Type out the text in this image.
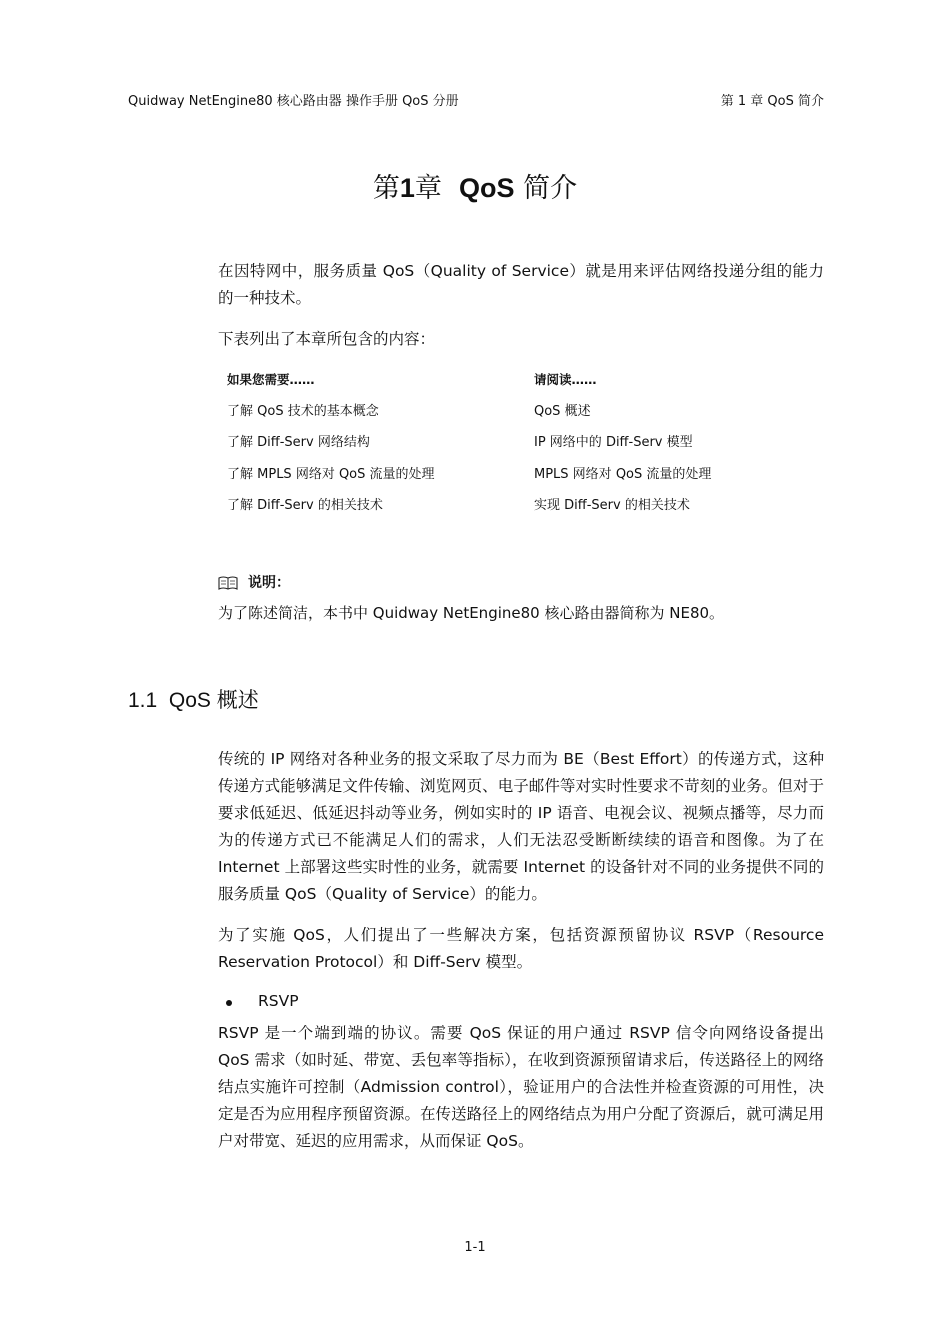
Quidway NetEngine80 核心路由器 操作手册 QoS 分册	第 1 章 QoS 简介
第1章 QoS 简介
在因特网中，服务质量 QoS（Quality of Service）就是用来评估网络投递分组的能力的一种技术。
下表列出了本章所包含的内容：
如果您需要……	请阅读……
了解 QoS 技术的基本概念	QoS 概述
了解 Diff-Serv 网络结构	IP 网络中的 Diff-Serv 模型
了解 MPLS 网络对 QoS 流量的处理	MPLS 网络对 QoS 流量的处理
了解 Diff-Serv 的相关技术	实现 Diff-Serv 的相关技术
说明：
为了陈述简洁，本书中 Quidway NetEngine80 核心路由器简称为 NE80。
1.1 QoS 概述
传统的 IP 网络对各种业务的报文采取了尽力而为 BE（Best Effort）的传递方式，这种传递方式能够满足文件传输、浏览网页、电子邮件等对实时性要求不苛刻的业务。但对于要求低延迟、低延迟抖动等业务，例如实时的 IP 语音、电视会议、视频点播等，尽力而为的传递方式已不能满足人们的需求，人们无法忍受断断续续的语音和图像。为了在 Internet 上部署这些实时性的业务，就需要 Internet 的设备针对不同的业务提供不同的服务质量 QoS（Quality of Service）的能力。
为了实施 QoS，人们提出了一些解决方案，包括资源预留协议 RSVP（Resource Reservation Protocol）和 Diff-Serv 模型。
RSVP
RSVP 是一个端到端的协议。需要 QoS 保证的用户通过 RSVP 信令向网络设备提出 QoS 需求（如时延、带宽、丢包率等指标），在收到资源预留请求后，传送路径上的网络结点实施许可控制（Admission control），验证用户的合法性并检查资源的可用性，决定是否为应用程序预留资源。在传送路径上的网络结点为用户分配了资源后，就可满足用户对带宽、延迟的应用需求，从而保证 QoS。
1-1
